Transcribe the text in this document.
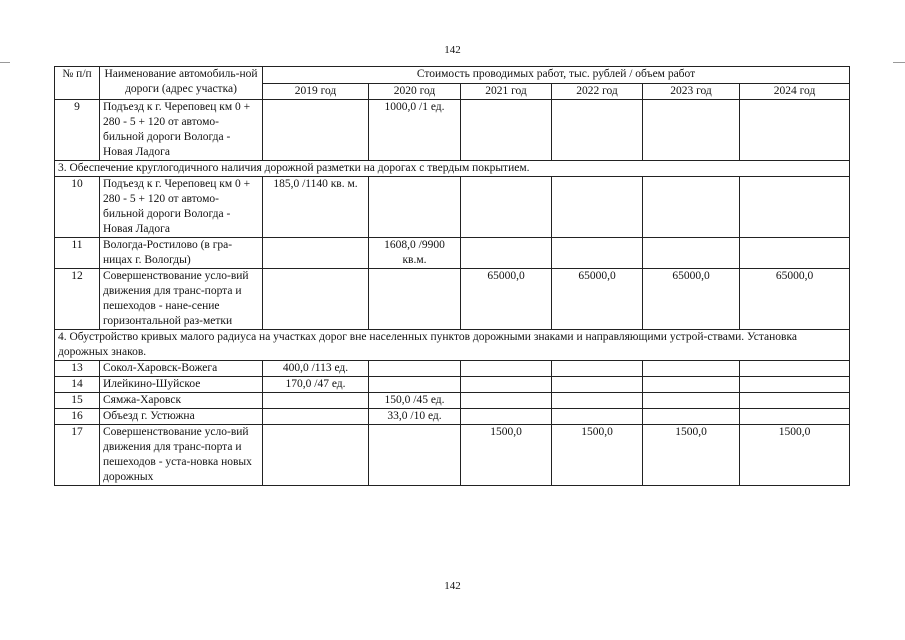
142
№ п/п	Наименование автомобиль-ной дороги (адрес участка)	Стоимость проводимых работ, тыс. рублей / объем работ					
		2019 год	2020 год	2021 год	2022 год	2023 год	2024 год
9	Подъезд к г. Череповец км 0 + 280 - 5 + 120 от автомо-бильной дороги Вологда - Новая Ладога		1000,0 /1 ед.				
3. Обеспечение круглогодичного наличия дорожной разметки на дорогах с твердым покрытием.							
10	Подъезд к г. Череповец км 0 + 280 - 5 + 120 от автомо-бильной дороги Вологда - Новая Ладога	185,0 /1140 кв. м.					
11	Вологда-Ростилово (в гра-ницах г. Вологды)		1608,0 /9900 кв.м.				
12	Совершенствование усло-вий движения для транс-порта и пешеходов - нане-сение горизонтальной раз-метки			65000,0	65000,0	65000,0	65000,0
4. Обустройство кривых малого радиуса на участках дорог вне населенных пунктов дорожными знаками и направляющими устрой-ствами. Установка дорожных знаков.							
13	Сокол-Харовск-Вожега	400,0 /113 ед.					
14	Илейкино-Шуйское	170,0 /47 ед.					
15	Сямжа-Харовск		150,0 /45 ед.				
16	Объезд г. Устюжна		33,0 /10 ед.				
17	Совершенствование усло-вий движения для транс-порта и пешеходов - уста-новка новых дорожных			1500,0	1500,0	1500,0	1500,0
142
